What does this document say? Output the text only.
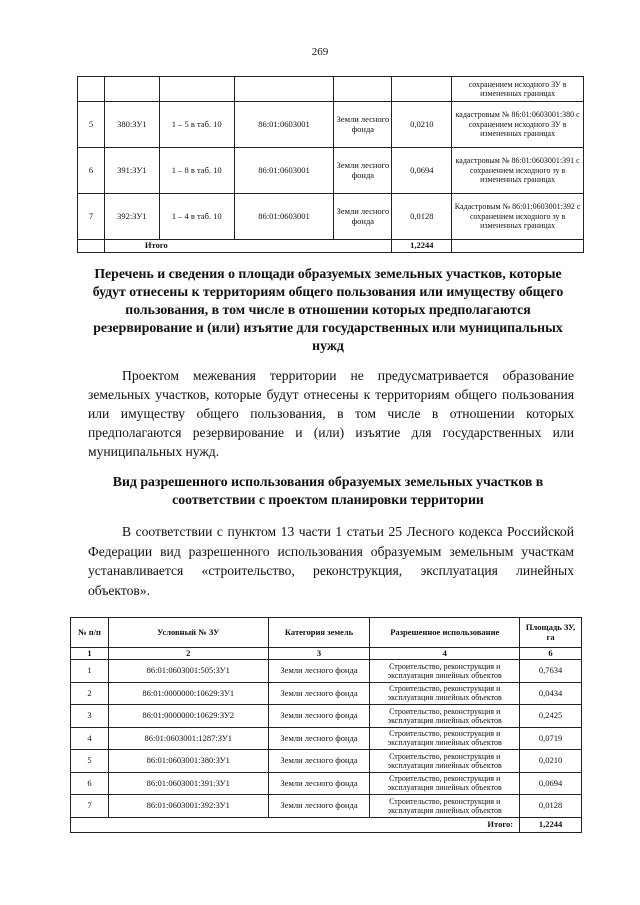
269
						сохранением исходного ЗУ в измененных границах
5	380:ЗУ1	1 – 5 в таб. 10	86:01:0603001	Земли лесного фонда	0,0210	кадастровым № 86:01:0603001:380 с сохранением исходного ЗУ в измененных границах
6	391:ЗУ1	1 – 8 в таб. 10	86:01:0603001	Земли лесного фонда	0,0694	кадастровым № 86:01:0603001:391 с сохранением исходного зу в измененных границах
7	392:ЗУ1	1 – 4 в таб. 10	86:01:0603001	Земли лесного фонда	0,0128	Кадастровым № 86:01:0603001:392 с сохранением исходного зу в измененных границах
	Итого				1,2244	
Перечень и сведения о площади образуемых земельных участков, которые будут отнесены к территориям общего пользования или имуществу общего пользования, в том числе в отношении которых предполагаются резервирование и (или) изъятие для государственных или муниципальных нужд
Проектом межевания территории не предусматривается образование земельных участков, которые будут отнесены к территориям общего пользования или имуществу общего пользования, в том числе в отношении которых предполагаются резервирование и (или) изъятие для государственных или муниципальных нужд.
Вид разрешенного использования образуемых земельных участков в соответствии с проектом планировки территории
В соответствии с пунктом 13 части 1 статьи 25 Лесного кодекса Российской Федерации вид разрешенного использования образуемым земельным участкам устанавливается «строительство, реконструкция, эксплуатация линейных объектов».
№ п/п	Условный № ЗУ	Категория земель	Разрешенное использование	Площадь ЗУ, га
1	2	3	4	6
1	86:01:0603001:505:ЗУ1	Земли лесного фонда	Строительство, реконструкция и эксплуатация линейных объектов	0,7634
2	86:01:0000000:10629:ЗУ1	Земли лесного фонда	Строительство, реконструкция и эксплуатация линейных объектов	0,0434
3	86:01:0000000:10629:ЗУ2	Земли лесного фонда	Строительство, реконструкция и эксплуатация линейных объектов	0,2425
4	86:01:0603001:1287:ЗУ1	Земли лесного фонда	Строительство, реконструкция и эксплуатация линейных объектов	0,0719
5	86:01:0603001:380:ЗУ1	Земли лесного фонда	Строительство, реконструкция и эксплуатация линейных объектов	0,0210
6	86:01:0603001:391:ЗУ1	Земли лесного фонда	Строительство, реконструкция и эксплуатация линейных объектов	0,0694
7	86:01:0603001:392:ЗУ1	Земли лесного фонда	Строительство, реконструкция и эксплуатация линейных объектов	0,0128
Итого:				1,2244
